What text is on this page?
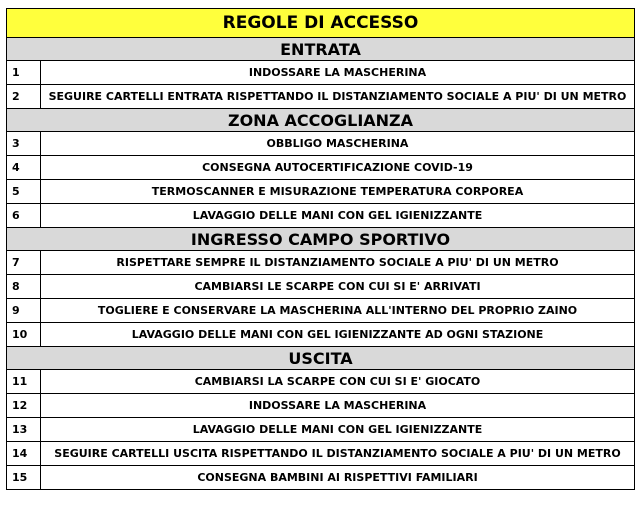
REGOLE DI ACCESSO
ENTRATA
1	INDOSSARE LA MASCHERINA
2	SEGUIRE CARTELLI ENTRATA RISPETTANDO IL DISTANZIAMENTO SOCIALE A PIU' DI UN METRO
ZONA ACCOGLIANZA
3	OBBLIGO MASCHERINA
4	CONSEGNA AUTOCERTIFICAZIONE COVID-19
5	TERMOSCANNER E MISURAZIONE TEMPERATURA CORPOREA
6	LAVAGGIO DELLE MANI CON GEL IGIENIZZANTE
INGRESSO CAMPO SPORTIVO
7	RISPETTARE SEMPRE IL DISTANZIAMENTO SOCIALE A PIU' DI UN METRO
8	CAMBIARSI LE SCARPE CON CUI SI E' ARRIVATI
9	TOGLIERE E CONSERVARE LA MASCHERINA ALL'INTERNO DEL PROPRIO ZAINO
10	LAVAGGIO DELLE MANI CON GEL IGIENIZZANTE AD OGNI STAZIONE
USCITA
11	CAMBIARSI LA SCARPE CON CUI SI E' GIOCATO
12	INDOSSARE LA MASCHERINA
13	LAVAGGIO DELLE MANI CON GEL IGIENIZZANTE
14	SEGUIRE CARTELLI USCITA RISPETTANDO IL DISTANZIAMENTO SOCIALE A PIU' DI UN METRO
15	CONSEGNA BAMBINI AI RISPETTIVI FAMILIARI
